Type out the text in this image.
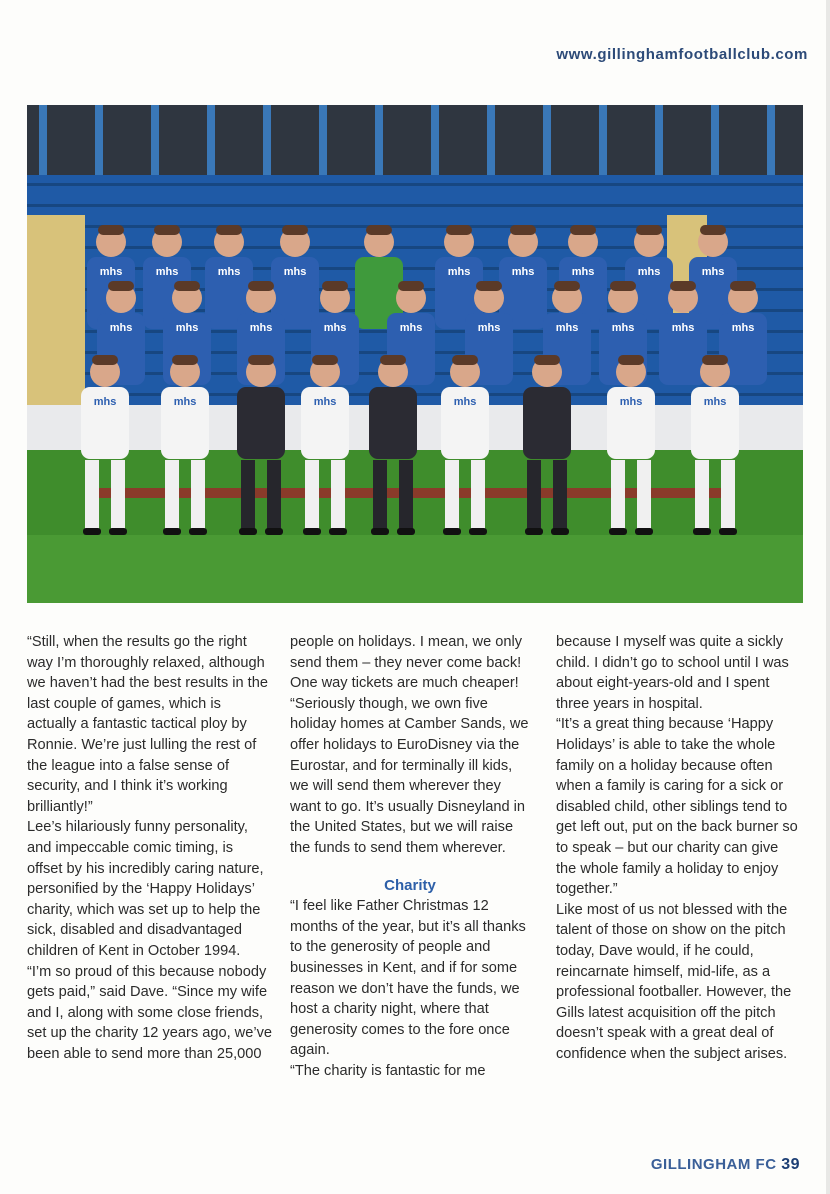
www.gillinghamfootballclub.com
mhs	mhs	mhs	mhs	mhs	mhs	mhs	mhs	mhs
mhs	mhs	mhs	mhs	mhs	mhs	mhs	mhs	mhs	mhs
mhs	mhs	mhs	mhs	mhs	mhs

“Still, when the results go the right way I’m thoroughly relaxed, although we haven’t had the best results in the last couple of games, which is actually a fantastic tactical ploy by Ronnie. We’re just lulling the rest of the league into a false sense of security, and I think it’s working brilliantly!”

Lee’s hilariously funny personality, and impeccable comic timing, is offset by his incredibly caring nature, personified by the ‘Happy Holidays’ charity, which was set up to help the sick, disabled and disadvantaged children of Kent in October 1994.

“I’m so proud of this because nobody gets paid,” said Dave. “Since my wife and I, along with some close friends, set up the charity 12 years ago, we’ve been able to send more than 25,000

people on holidays. I mean, we only send them – they never come back! One way tickets are much cheaper!

“Seriously though, we own five holiday homes at Camber Sands, we offer holidays to EuroDisney via the Eurostar, and for terminally ill kids, we will send them wherever they want to go. It’s usually Disneyland in the United States, but we will raise the funds to send them wherever.

Charity

“I feel like Father Christmas 12 months of the year, but it’s all thanks to the generosity of people and businesses in Kent, and if for some reason we don’t have the funds, we host a charity night, where that generosity comes to the fore once again.

“The charity is fantastic for me

because I myself was quite a sickly child. I didn’t go to school until I was about eight-years-old and I spent three years in hospital.

“It’s a great thing because ‘Happy Holidays’ is able to take the whole family on a holiday because often when a family is caring for a sick or disabled child, other siblings tend to get left out, put on the back burner so to speak – but our charity can give the whole family a holiday to enjoy together.”

Like most of us not blessed with the talent of those on show on the pitch today, Dave would, if he could, reincarnate himself, mid-life, as a professional footballer. However, the Gills latest acquisition off the pitch doesn’t speak with a great deal of confidence when the subject arises.

GILLINGHAM FC 39
